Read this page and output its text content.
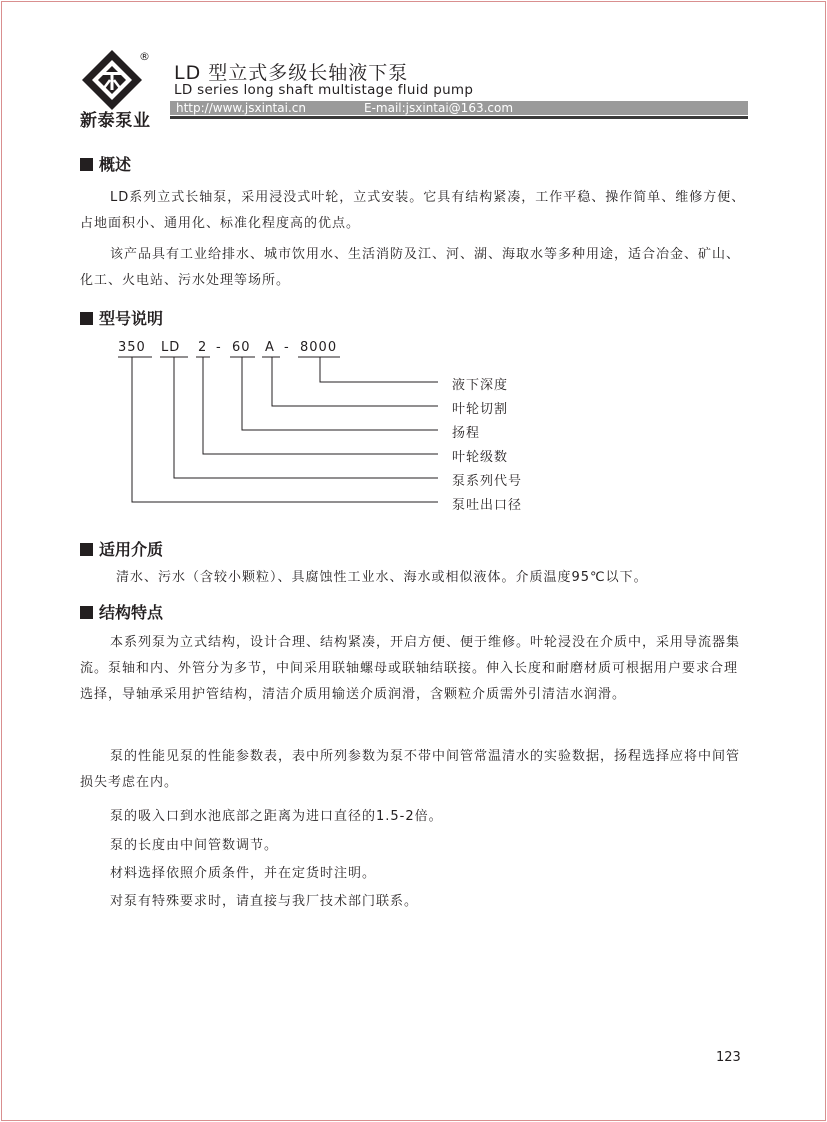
®
新泰泵业
LD 型立式多级长轴液下泵
LD series long shaft multistage fluid pump
http://www.jsxintai.cn	E-mail:jsxintai@163.com
概述
LD系列立式长轴泵，采用浸没式叶轮，立式安装。它具有结构紧凑，工作平稳、操作简单、维修方便、占地面积小、通用化、标准化程度高的优点。
该产品具有工业给排水、城市饮用水、生活消防及江、河、湖、海取水等多种用途，适合冶金、矿山、化工、火电站、污水处理等场所。
型号说明
350 LD 2 - 60 A - 8000
液下深度
叶轮切割
扬程
叶轮级数
泵系列代号
泵吐出口径
适用介质
清水、污水（含较小颗粒）、具腐蚀性工业水、海水或相似液体。介质温度95℃以下。
结构特点
本系列泵为立式结构，设计合理、结构紧凑，开启方便、便于维修。叶轮浸没在介质中，采用导流器集流。泵轴和内、外管分为多节，中间采用联轴螺母或联轴结联接。伸入长度和耐磨材质可根据用户要求合理选择，导轴承采用护管结构，清洁介质用输送介质润滑，含颗粒介质需外引清洁水润滑。
泵的性能见泵的性能参数表，表中所列参数为泵不带中间管常温清水的实验数据，扬程选择应将中间管损失考虑在内。
泵的吸入口到水池底部之距离为进口直径的1.5-2倍。
泵的长度由中间管数调节。
材料选择依照介质条件，并在定货时注明。
对泵有特殊要求时，请直接与我厂技术部门联系。
123
